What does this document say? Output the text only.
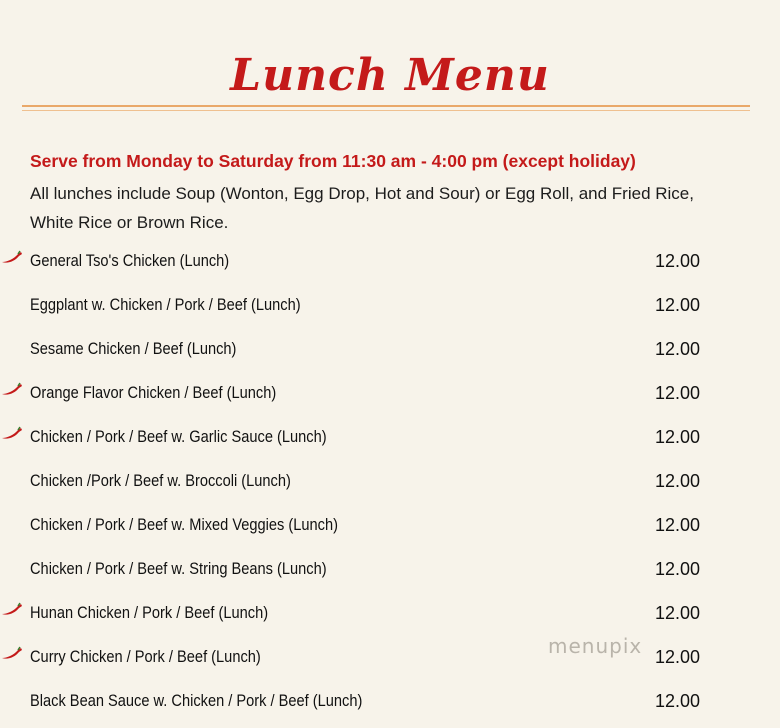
Lunch Menu
Serve from Monday to Saturday from 11:30 am - 4:00 pm (except holiday)
All lunches include Soup (Wonton, Egg Drop, Hot and Sour) or Egg Roll, and Fried Rice, White Rice or Brown Rice.
General Tso's Chicken (Lunch)	12.00
Eggplant w. Chicken / Pork / Beef (Lunch)	12.00
Sesame Chicken / Beef (Lunch)	12.00
Orange Flavor Chicken / Beef (Lunch)	12.00
Chicken / Pork / Beef w. Garlic Sauce (Lunch)	12.00
Chicken /Pork / Beef w. Broccoli (Lunch)	12.00
Chicken / Pork / Beef w. Mixed Veggies (Lunch)	12.00
Chicken / Pork / Beef w. String Beans (Lunch)	12.00
Hunan Chicken / Pork / Beef (Lunch)	12.00
Curry Chicken / Pork / Beef (Lunch)	12.00
Black Bean Sauce w. Chicken / Pork / Beef (Lunch)	12.00
menupix
